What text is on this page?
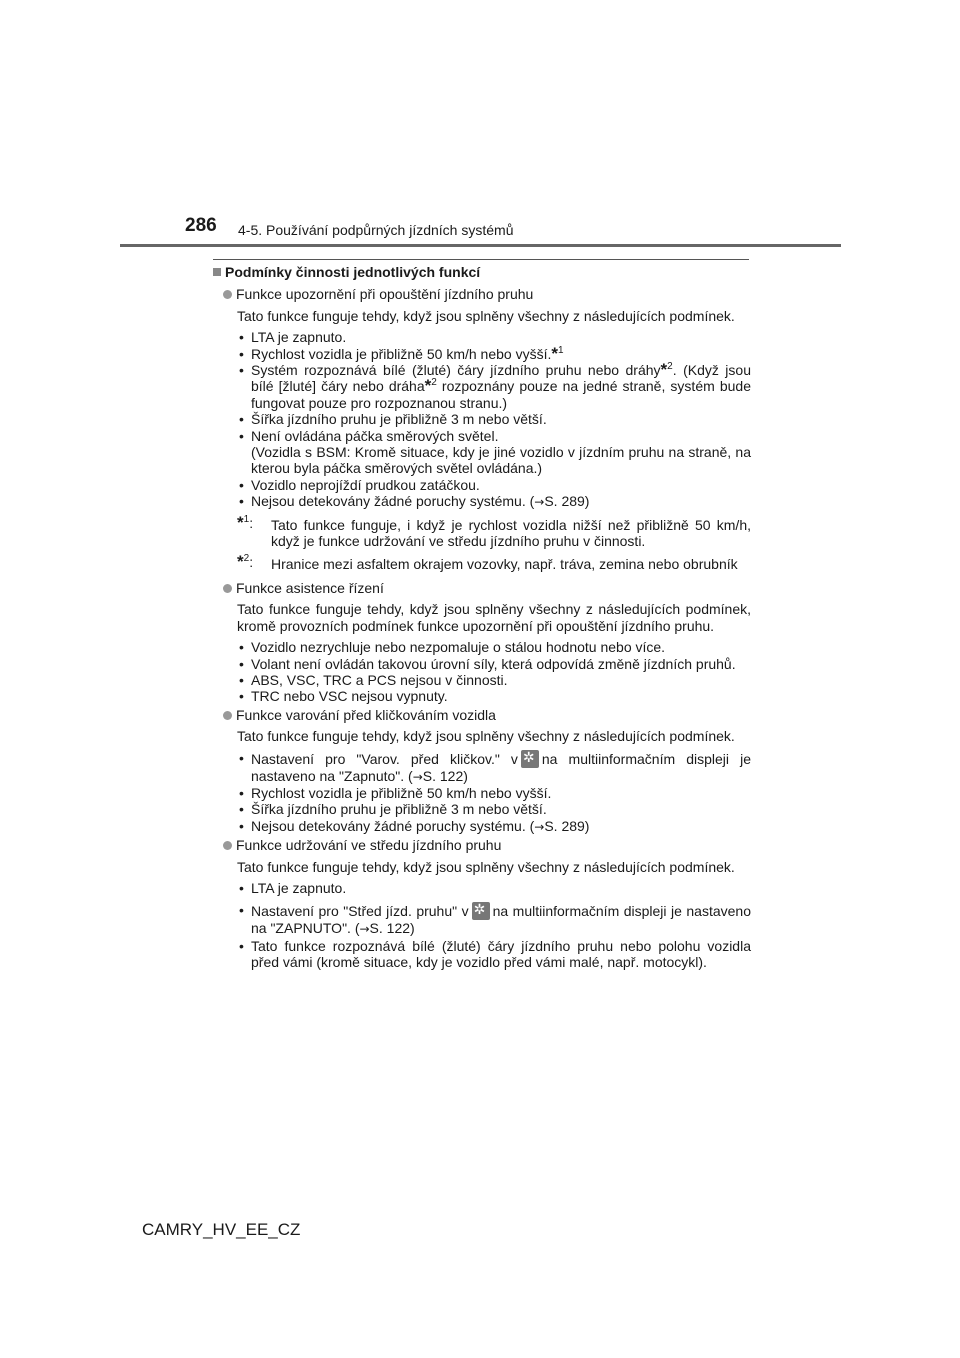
286 4-5. Používání podpůrných jízdních systémů
Podmínky činnosti jednotlivých funkcí
Funkce upozornění při opouštění jízdního pruhu
Tato funkce funguje tehdy, když jsou splněny všechny z následujících podmínek.
• LTA je zapnuto.
• Rychlost vozidla je přibližně 50 km/h nebo vyšší.*$^1$
• Systém rozpoznává bílé (žluté) čáry jízdního pruhu nebo dráhy*$^2$. (Když jsou bílé [žluté] čáry nebo dráha*$^2$ rozpoznány pouze na jedné straně, systém bude fungovat pouze pro rozpoznanou stranu.)
• Šířka jízdního pruhu je přibližně 3 m nebo větší.
• Není ovládána páčka směrových světel.
(Vozidla s BSM: Kromě situace, kdy je jiné vozidlo v jízdním pruhu na straně, na kterou byla páčka směrových světel ovládána.)
• Vozidlo neprojíždí prudkou zatáčkou.
• Nejsou detekovány žádné poruchy systému. (→S. 289)
*$^1$: Tato funkce funguje, i když je rychlost vozidla nižší než přibližně 50 km/h, když je funkce udržování ve středu jízdního pruhu v činnosti.
*$^2$: Hranice mezi asfaltem okrajem vozovky, např. tráva, zemina nebo obrubník
Funkce asistence řízení
Tato funkce funguje tehdy, když jsou splněny všechny z následujících podmínek, kromě provozních podmínek funkce upozornění při opouštění jízdního pruhu.
• Vozidlo nezrychluje nebo nezpomaluje o stálou hodnotu nebo více.
• Volant není ovládán takovou úrovní síly, která odpovídá změně jízdních pruhů.
• ABS, VSC, TRC a PCS nejsou v činnosti.
• TRC nebo VSC nejsou vypnuty.
Funkce varování před kličkováním vozidla
Tato funkce funguje tehdy, když jsou splněny všechny z následujících podmínek.
• Nastavení pro "Varov. před kličkov." v ✲ na multiinformačním displeji je nastaveno na "Zapnuto". (→S. 122)
• Rychlost vozidla je přibližně 50 km/h nebo vyšší.
• Šířka jízdního pruhu je přibližně 3 m nebo větší.
• Nejsou detekovány žádné poruchy systému. (→S. 289)
Funkce udržování ve středu jízdního pruhu
Tato funkce funguje tehdy, když jsou splněny všechny z následujících podmínek.
• LTA je zapnuto.
• Nastavení pro "Střed jízd. pruhu" v ✲ na multiinformačním displeji je nastaveno na "ZAPNUTO". (→S. 122)
• Tato funkce rozpoznává bílé (žluté) čáry jízdního pruhu nebo polohu vozidla před vámi (kromě situace, kdy je vozidlo před vámi malé, např. motocykl).
CAMRY_HV_EE_CZ
